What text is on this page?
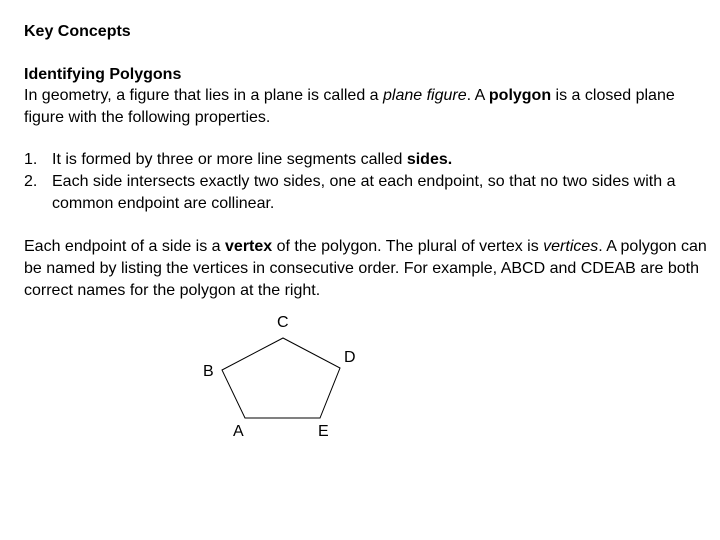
Key Concepts
Identifying Polygons

In geometry, a figure that lies in a plane is called a plane figure. A polygon is a closed plane figure with the following properties.

1. It is formed by three or more line segments called sides.
2. Each side intersects exactly two sides, one at each endpoint, so that no two sides with a common endpoint are collinear.

Each endpoint of a side is a vertex of the polygon. The plural of vertex is vertices. A polygon can be named by listing the vertices in consecutive order. For example, ABCD and CDEAB are both correct names for the polygon at the right.

C
D
B
A	E
